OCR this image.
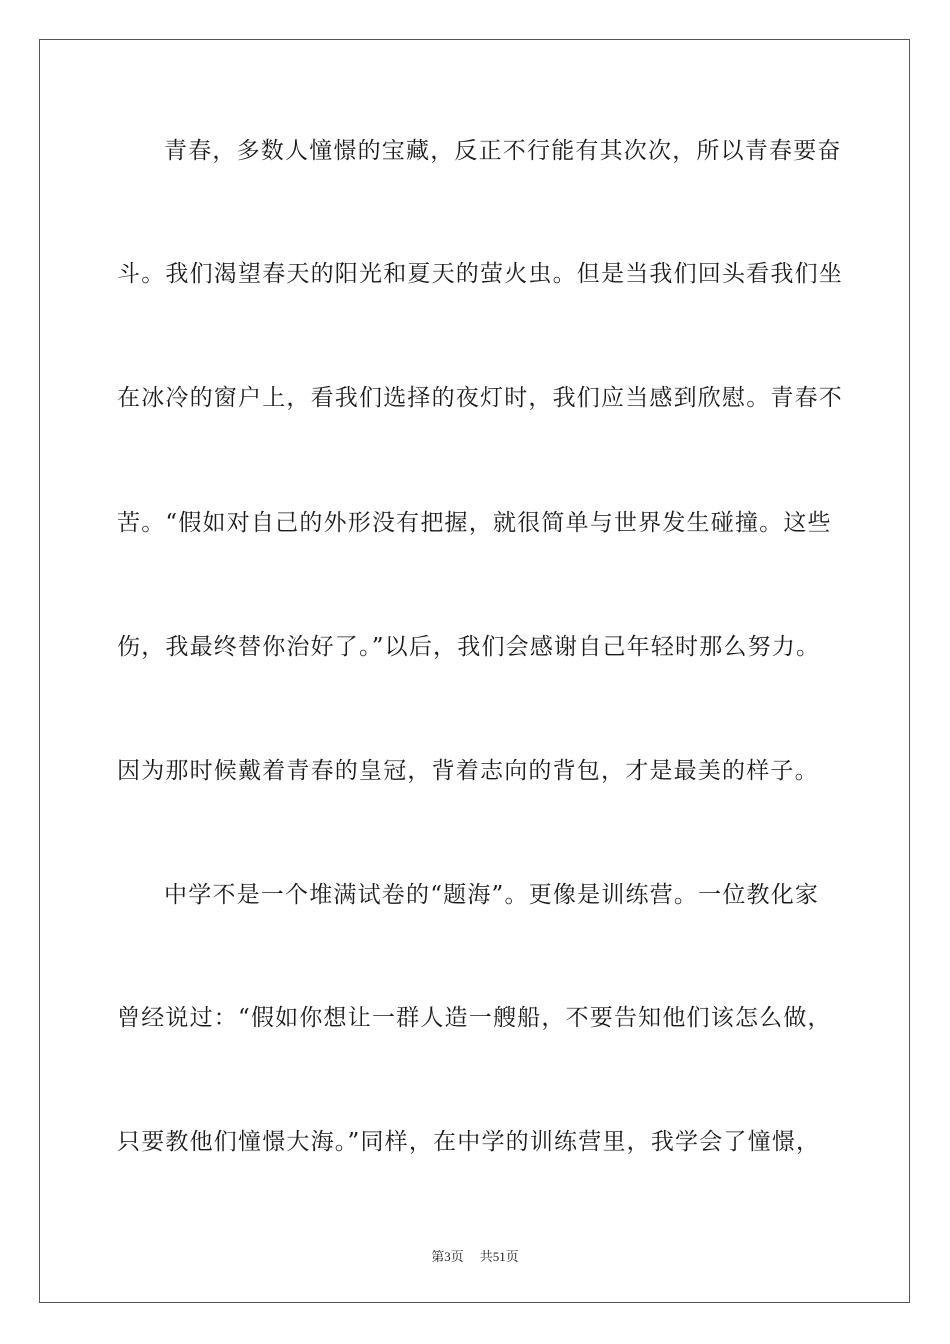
青春，多数人憧憬的宝藏，反正不行能有其次次，所以青春要奋
斗。我们渴望春天的阳光和夏天的萤火虫。但是当我们回头看我们坐
在冰冷的窗户上，看我们选择的夜灯时，我们应当感到欣慰。青春不
苦。“假如对自己的外形没有把握，就很简单与世界发生碰撞。这些
伤，我最终替你治好了。”以后，我们会感谢自己年轻时那么努力。
因为那时候戴着青春的皇冠，背着志向的背包，才是最美的样子。
中学不是一个堆满试卷的“题海”。更像是训练营。一位教化家
曾经说过：“假如你想让一群人造一艘船，不要告知他们该怎么做，
只要教他们憧憬大海。”同样，在中学的训练营里，我学会了憧憬，
第3页 共51页
